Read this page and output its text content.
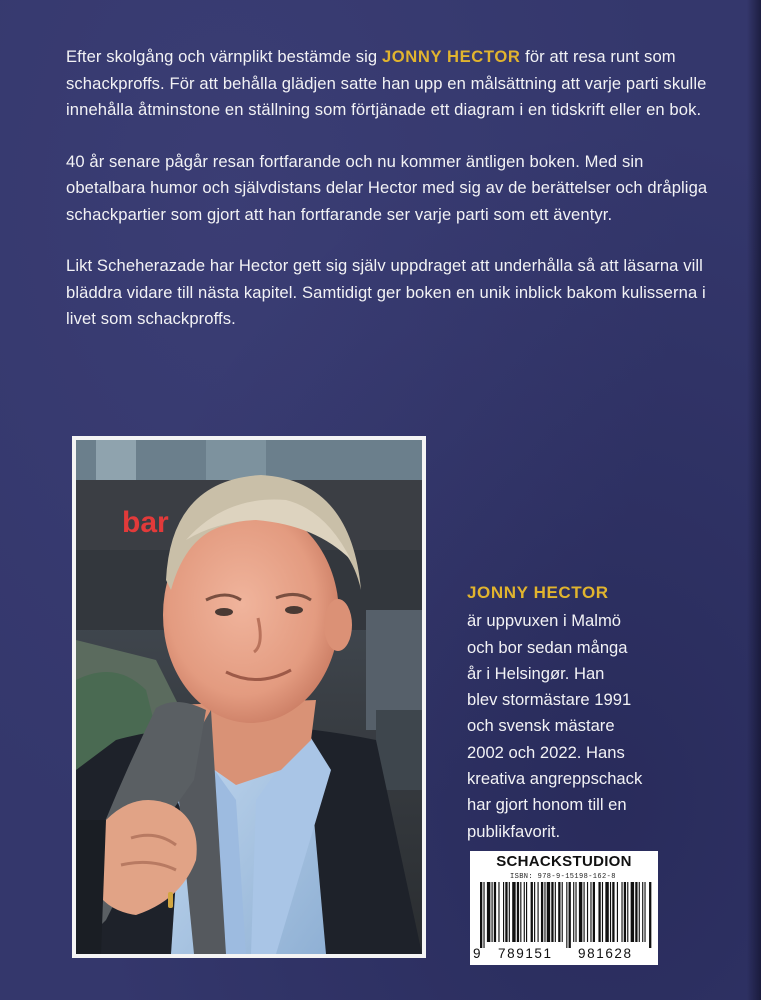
Efter skolgång och värnplikt bestämde sig JONNY HECTOR för att resa runt som schackproffs. För att behålla glädjen satte han upp en målsättning att varje parti skulle innehålla åtminstone en ställning som förtjänade ett diagram i en tidskrift eller en bok.

40 år senare pågår resan fortfarande och nu kommer äntligen boken. Med sin obetalbara humor och självdistans delar Hector med sig av de berättelser och dråpliga schackpartier som gjort att han fortfarande ser varje parti som ett äventyr.

Likt Scheherazade har Hector gett sig själv uppdraget att underhålla så att läsarna vill bläddra vidare till nästa kapitel. Samtidigt ger boken en unik inblick bakom kulisserna i livet som schackproffs.

bar
JONNY HECTOR
är uppvuxen i Malmö
och bor sedan många
år i Helsingør. Han
blev stormästare 1991
och svensk mästare
2002 och 2022. Hans
kreativa angreppschack
har gjort honom till en
publikfavorit.
SCHACKSTUDION
ISBN: 978-9-15198-162-8
9 789151 981628
